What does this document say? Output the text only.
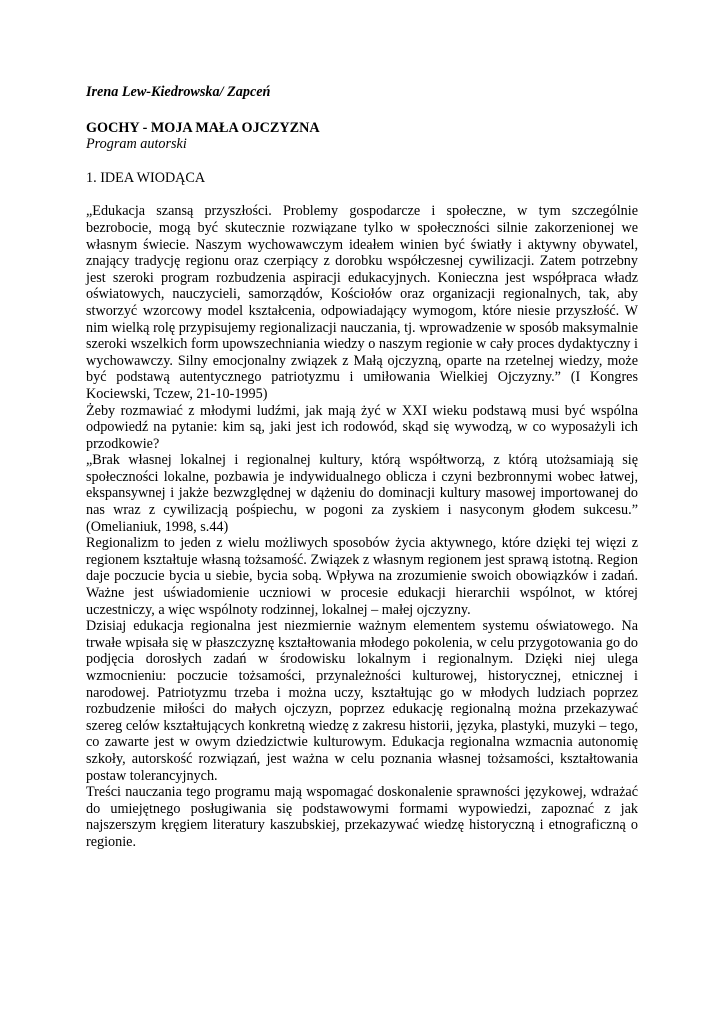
Irena Lew-Kiedrowska/ Zapceń

GOCHY - MOJA MAŁA OJCZYZNA

Program autorski

1. IDEA WIODĄCA

„Edukacja szansą przyszłości. Problemy gospodarcze i społeczne, w tym szczególnie bezrobocie, mogą być skutecznie rozwiązane tylko w społeczności silnie zakorzenionej we własnym świecie. Naszym wychowawczym ideałem winien być światły i aktywny obywatel, znający tradycję regionu oraz czerpiący z dorobku współczesnej cywilizacji. Zatem potrzebny jest szeroki program rozbudzenia aspiracji edukacyjnych. Konieczna jest współpraca władz oświatowych, nauczycieli, samorządów, Kościołów oraz organizacji regionalnych, tak, aby stworzyć wzorcowy model kształcenia, odpowiadający wymogom, które niesie przyszłość. W nim wielką rolę przypisujemy regionalizacji nauczania, tj. wprowadzenie w sposób maksymalnie szeroki wszelkich form upowszechniania wiedzy o naszym regionie w cały proces dydaktyczny i wychowawczy. Silny emocjonalny związek z Małą ojczyzną, oparte na rzetelnej wiedzy, może być podstawą autentycznego patriotyzmu i umiłowania Wielkiej Ojczyzny.” (I Kongres Kociewski, Tczew, 21-10-1995)

Żeby rozmawiać z młodymi ludźmi, jak mają żyć w XXI wieku podstawą musi być wspólna odpowiedź na pytanie: kim są, jaki jest ich rodowód, skąd się wywodzą, w co wyposażyli ich przodkowie?

„Brak własnej lokalnej i regionalnej kultury, którą współtworzą, z którą utożsamiają się społeczności lokalne, pozbawia je indywidualnego oblicza i czyni bezbronnymi wobec łatwej, ekspansywnej i jakże bezwzględnej w dążeniu do dominacji kultury masowej importowanej do nas wraz z cywilizacją pośpiechu, w pogoni za zyskiem i nasyconym głodem sukcesu.” (Omelianiuk, 1998, s.44)

Regionalizm to jeden z wielu możliwych sposobów życia aktywnego, które dzięki tej więzi z regionem kształtuje własną tożsamość. Związek z własnym regionem jest sprawą istotną. Region daje poczucie bycia u siebie, bycia sobą. Wpływa na zrozumienie swoich obowiązków i zadań. Ważne jest uświadomienie uczniowi w procesie edukacji hierarchii wspólnot, w której uczestniczy, a więc wspólnoty rodzinnej, lokalnej – małej ojczyzny.

Dzisiaj edukacja regionalna jest niezmiernie ważnym elementem systemu oświatowego. Na trwałe wpisała się w płaszczyznę kształtowania młodego pokolenia, w celu przygotowania go do podjęcia dorosłych zadań w środowisku lokalnym i regionalnym. Dzięki niej ulega wzmocnieniu: poczucie tożsamości, przynależności kulturowej, historycznej, etnicznej i narodowej. Patriotyzmu trzeba i można uczy, kształtując go w młodych ludziach poprzez rozbudzenie miłości do małych ojczyzn, poprzez edukację regionalną można przekazywać szereg celów kształtujących konkretną wiedzę z zakresu historii, języka, plastyki, muzyki – tego, co zawarte jest w owym dziedzictwie kulturowym. Edukacja regionalna wzmacnia autonomię szkoły, autorskość rozwiązań, jest ważna w celu poznania własnej tożsamości, kształtowania postaw tolerancyjnych.

Treści nauczania tego programu mają wspomagać doskonalenie sprawności językowej, wdrażać do umiejętnego posługiwania się podstawowymi formami wypowiedzi, zapoznać z jak najszerszym kręgiem literatury kaszubskiej, przekazywać wiedzę historyczną i etnograficzną o regionie.
